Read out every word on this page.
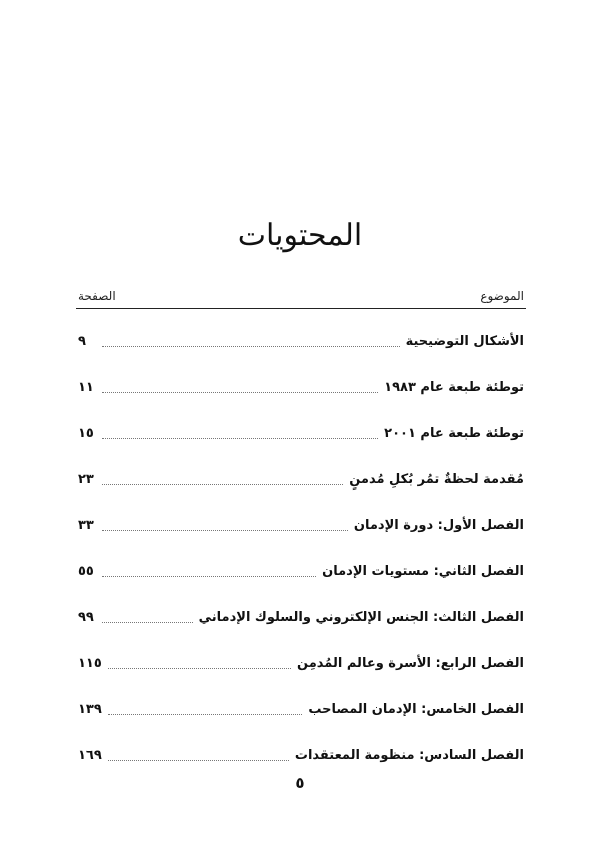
المحتويات
الموضوع
الصفحة
الأشكال التوضيحية
٩
توطئة طبعة عام ١٩٨٣
١١
توطئة طبعة عام ٢٠٠١
١٥
مُقدمة لحظةٌ تمُر بُكلِ مُدمنٍ
٢٣
الفصل الأول: دورة الإدمان
٣٣
الفصل الثاني: مستويات الإدمان
٥٥
الفصل الثالث: الجنس الإلكتروني والسلوك الإدماني
٩٩
الفصل الرابع: الأسرة وعالم المُدمِن
١١٥
الفصل الخامس: الإدمان المصاحب
١٣٩
الفصل السادس: منظومة المعتقدات
١٦٩
٥
